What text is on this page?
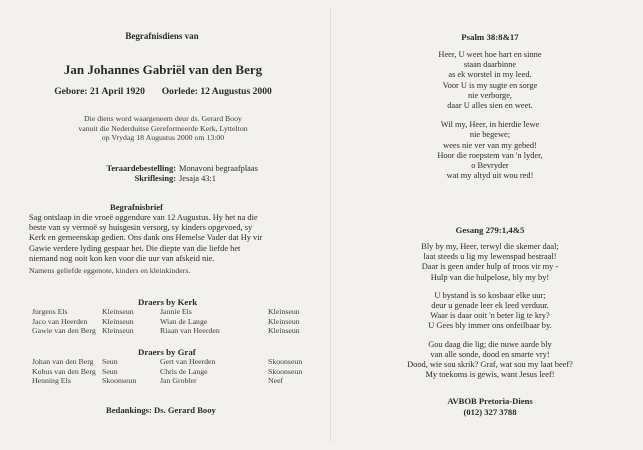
Begrafnisdiens van
Jan Johannes Gabriël van den Berg
Gebore: 21 April 1920 Oorlede: 12 Augustus 2000
Die diens word waargeneem deur ds. Gerard Booy
vanuit die Nederduitse Gereformeerde Kerk, Lyttelton
op Vrydag 18 Augustus 2000 om 13:00
Teraardebestelling: Monavoni begraafplaas
Skriflesing: Jesaja 43:1
Begrafnisbrief

Sag ontslaap in die vroeë oggendure van 12 Augustus. Hy het na die

beste van sy vermoë sy huisgesin versorg, sy kinders opgevoed, sy

Kerk en gemeenskap gedien. Ons dank ons Hemelse Vader dat Hy vir

Gawie verdere lyding gespaar het. Die diepte van die liefde het

niemand nog ooit kon ken voor die uur van afskeid nie.

Namens geliefde eggenote, kinders en kleinkinders.
Draers by Kerk
Jurgens Els	Kleinseun	Jannie Els	Kleinseun
Jaco van Heerden	Kleinseun	Wian de Lange	Kleinseun
Gawie van den Berg Kleinseun	Riaan van Heerden	Kleinseun
Draers by Graf
Johan van den Berg	Seun	Gert van Heerden	Skoonseun
Kobus van den Berg Seun	Chris de Lange	Skoonseun
Henning Els	Skoonseun	Jan Grobler	Neef
Bedankings: Ds. Gerard Booy
Psalm 38:8&17
Heer, U weet hoe hart en sinne
staan daarbinne
as ek worstel in my leed.
Voor U is my sugte en sorge
nie verborge,
daar U alles sien en weet.
Wil my, Heer, in hierdie lewe
nie begewe;
wees nie ver van my gebed!
Hoor die roepstem van 'n lyder,
o Bevryder
wat my altyd uit wou red!
Gesang 279:1,4&5
Bly by my, Heer, terwyl die skemer daal;
laat steeds u lig my lewenspad bestraal!
Daar is geen ander hulp of troos vir my -
Hulp van die hulpelose, bly my by!
U bystand is so kosbaar elke uur;
deur u genade leer ek leed verduur.
Waar is daar ooit 'n beter lig te kry?
U Gees bly immer ons onfeilbaar by.
Gou daag die lig; die nuwe aarde bly
van alle sonde, dood en smarte vry!
Dood, wie sou skrik? Graf, wat sou my laat beef?
My toekoms is gewis, want Jesus leef!
AVBOB Pretoria-Diens
(012) 327 3788
